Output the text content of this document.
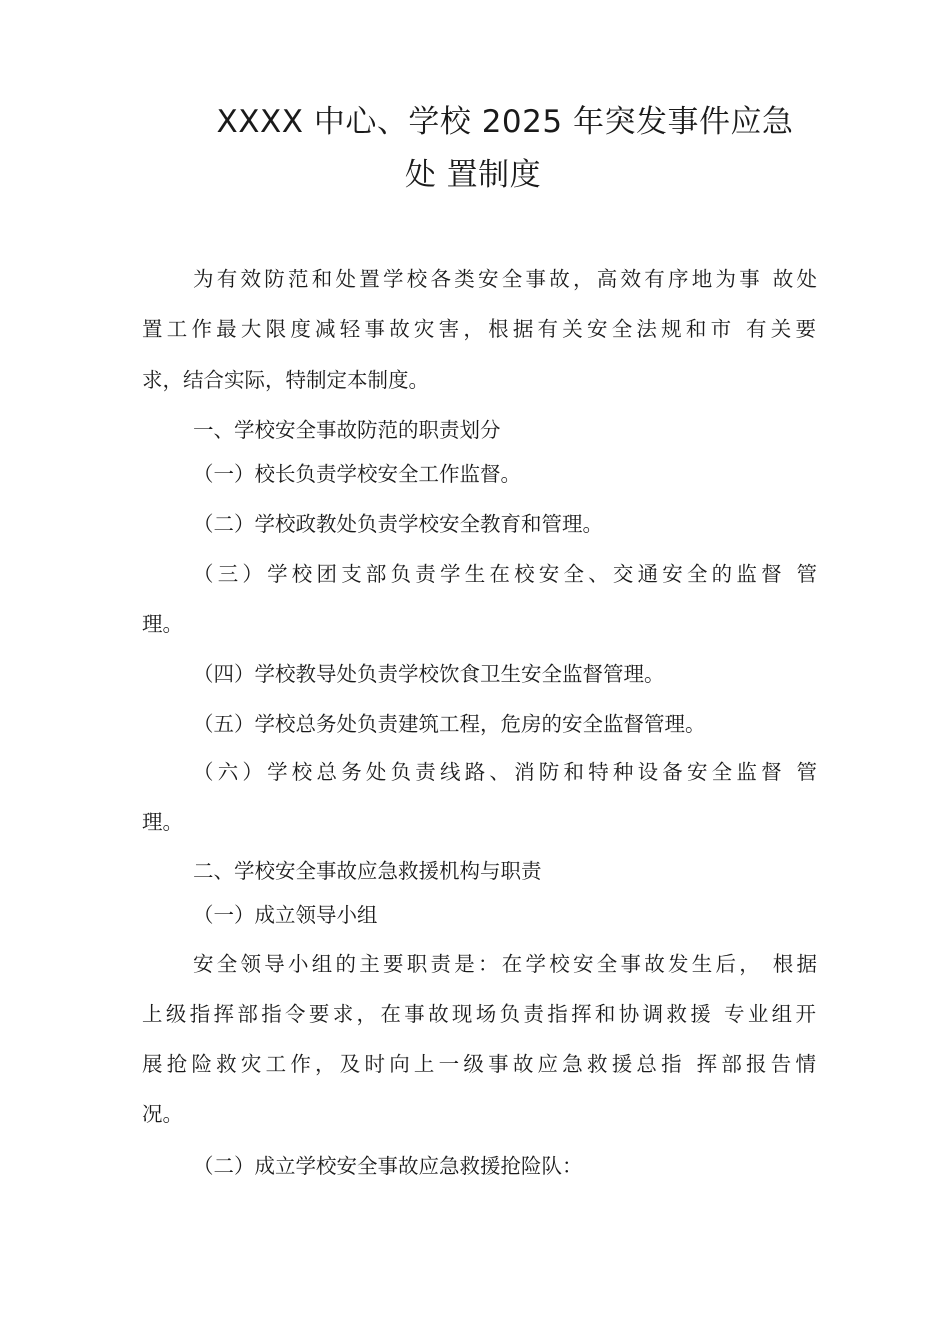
XXXX 中心、学校 2025 年突发事件应急
处 置制度
为有效防范和处置学校各类安全事故，高效有序地为事 故处
置工作最大限度减轻事故灾害，根据有关安全法规和市 有关要
求，结合实际，特制定本制度。
一、学校安全事故防范的职责划分
（一）校长负责学校安全工作监督。
（二）学校政教处负责学校安全教育和管理。
（三）学校团支部负责学生在校安全、交通安全的监督 管
理。
（四）学校教导处负责学校饮食卫生安全监督管理。
（五）学校总务处负责建筑工程，危房的安全监督管理。
（六）学校总务处负责线路、消防和特种设备安全监督 管
理。
二、学校安全事故应急救援机构与职责
（一）成立领导小组
安全领导小组的主要职责是：在学校安全事故发生后， 根据
上级指挥部指令要求，在事故现场负责指挥和协调救援 专业组开
展抢险救灾工作，及时向上一级事故应急救援总指 挥部报告情
况。
（二）成立学校安全事故应急救援抢险队：
